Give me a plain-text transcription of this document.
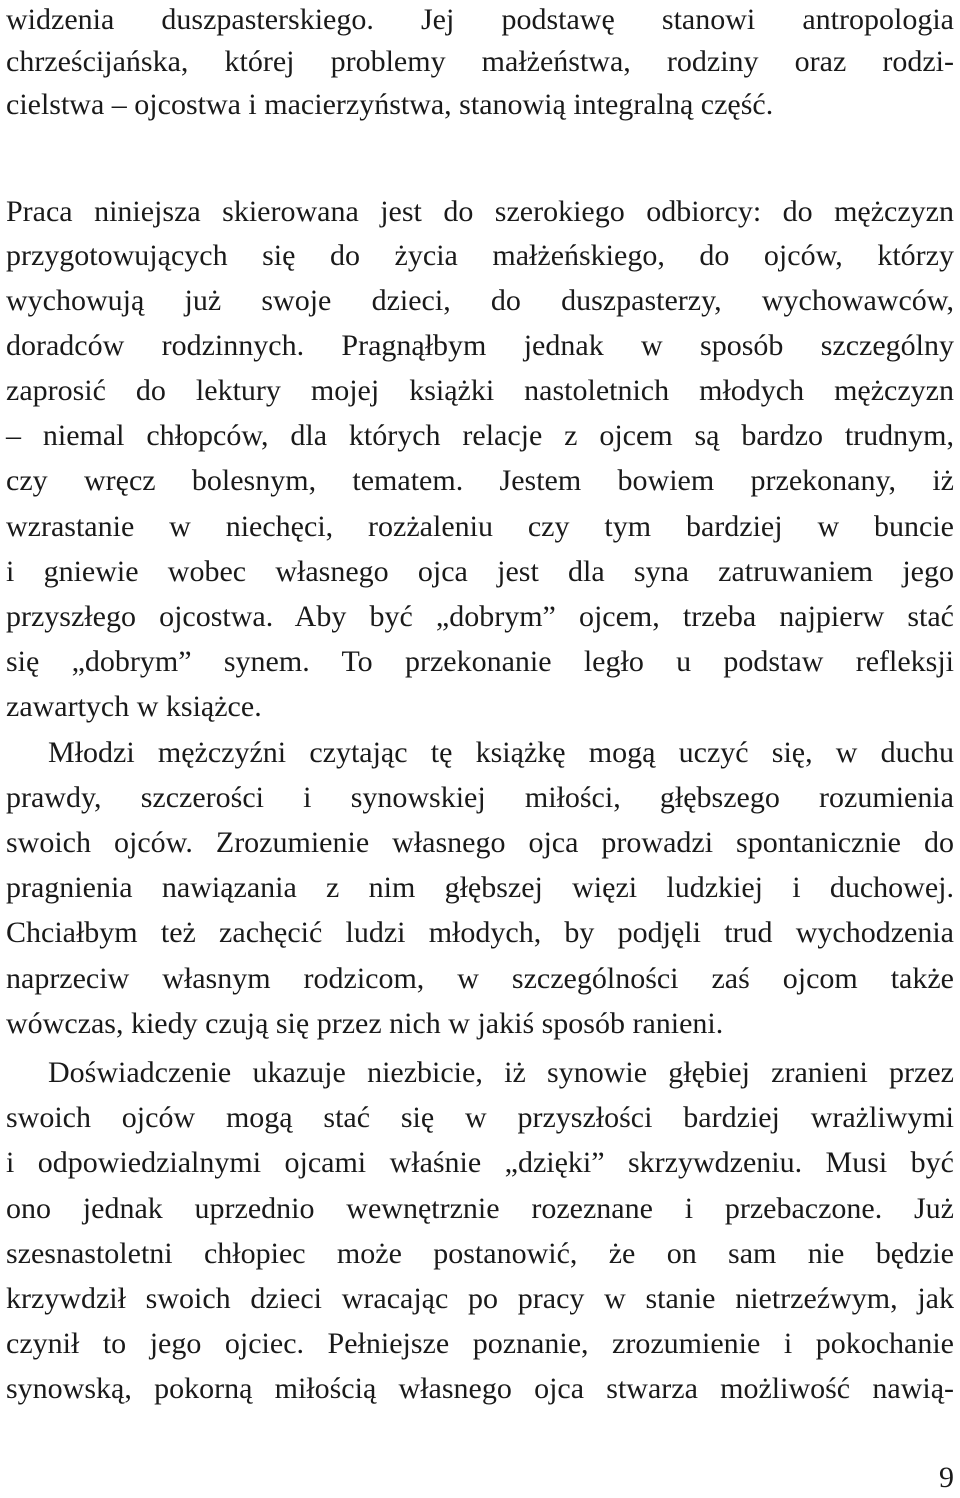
widzenia duszpasterskiego. Jej podstawę stanowi antropologia
chrześcijańska, której problemy małżeństwa, rodziny oraz rodzi-
cielstwa – ojcostwa i macierzyństwa, stanowią integralną część.
Praca niniejsza skierowana jest do szerokiego odbiorcy: do mężczyzn
przygotowujących się do życia małżeńskiego, do ojców, którzy
wychowują już swoje dzieci, do duszpasterzy, wychowawców,
doradców rodzinnych. Pragnąłbym jednak w sposób szczególny
zaprosić do lektury mojej książki nastoletnich młodych mężczyzn
– niemal chłopców, dla których relacje z ojcem są bardzo trudnym,
czy wręcz bolesnym, tematem. Jestem bowiem przekonany, iż
wzrastanie w niechęci, rozżaleniu czy tym bardziej w buncie
i gniewie wobec własnego ojca jest dla syna zatruwaniem jego
przyszłego ojcostwa. Aby być „dobrym” ojcem, trzeba najpierw stać
się „dobrym” synem. To przekonanie legło u podstaw refleksji
zawartych w książce.
Młodzi mężczyźni czytając tę książkę mogą uczyć się, w duchu
prawdy, szczerości i synowskiej miłości, głębszego rozumienia
swoich ojców. Zrozumienie własnego ojca prowadzi spontanicznie do
pragnienia nawiązania z nim głębszej więzi ludzkiej i duchowej.
Chciałbym też zachęcić ludzi młodych, by podjęli trud wychodzenia
naprzeciw własnym rodzicom, w szczególności zaś ojcom także
wówczas, kiedy czują się przez nich w jakiś sposób ranieni.
Doświadczenie ukazuje niezbicie, iż synowie głębiej zranieni przez
swoich ojców mogą stać się w przyszłości bardziej wrażliwymi
i odpowiedzialnymi ojcami właśnie „dzięki” skrzywdzeniu. Musi być
ono jednak uprzednio wewnętrznie rozeznane i przebaczone. Już
szesnastoletni chłopiec może postanowić, że on sam nie będzie
krzywdził swoich dzieci wracając po pracy w stanie nietrzeźwym, jak
czynił to jego ojciec. Pełniejsze poznanie, zrozumienie i pokochanie
synowską, pokorną miłością własnego ojca stwarza możliwość nawią-
9
